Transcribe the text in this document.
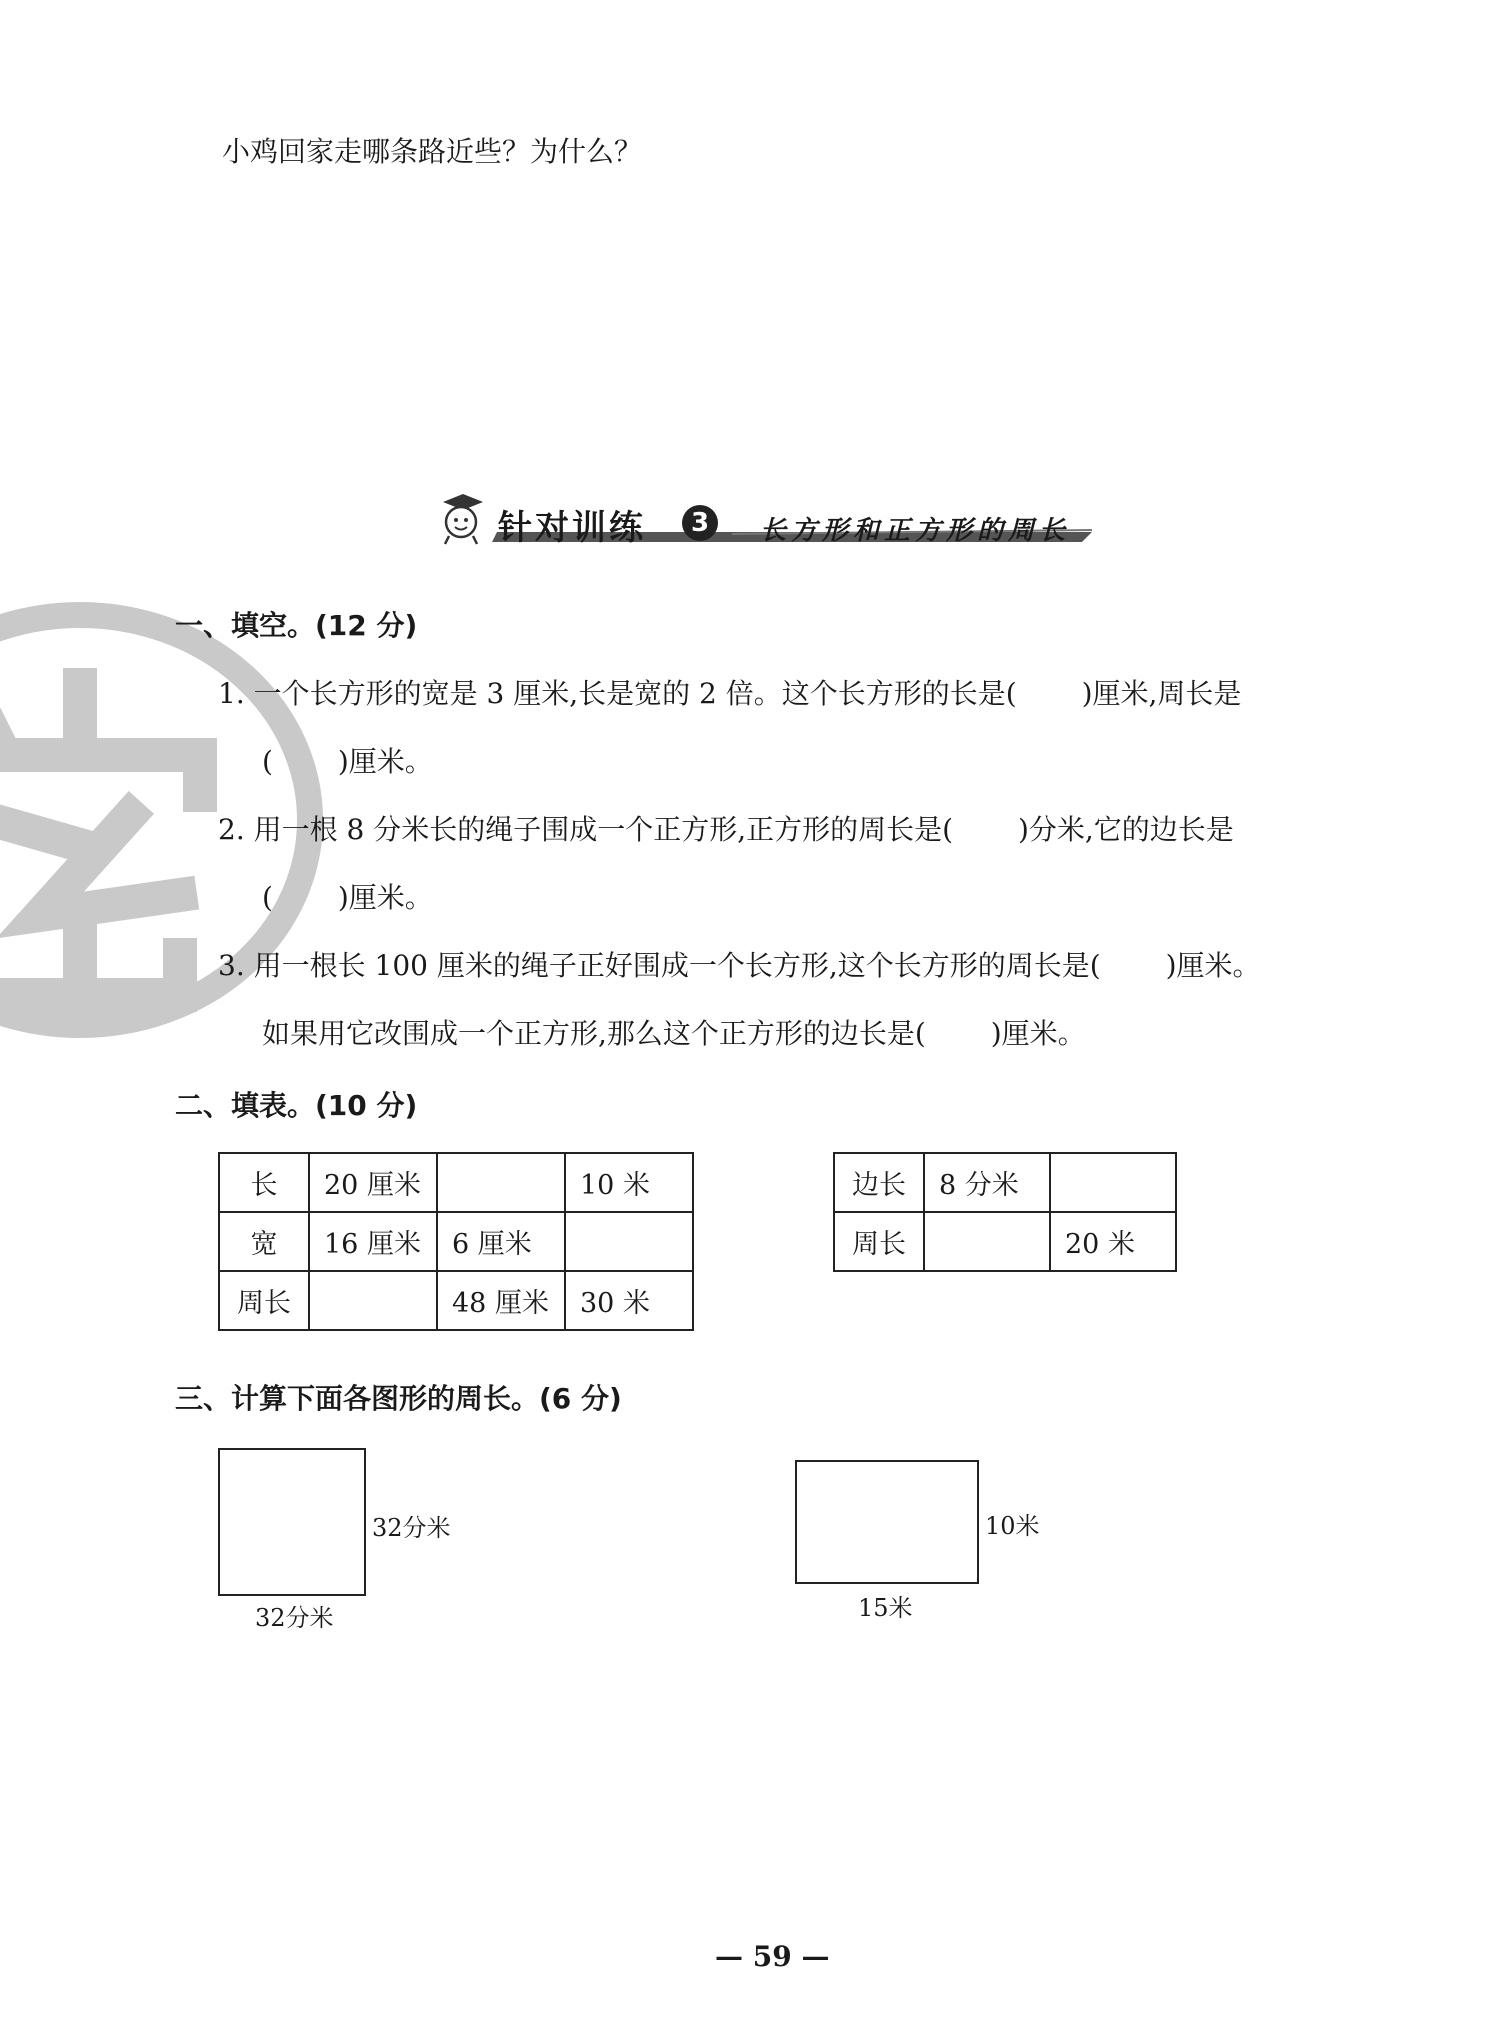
小鸡回家走哪条路近些？为什么？
针对训练	3	长方形和正方形的周长
一、填空。(12 分)
1. 一个长方形的宽是 3 厘米,长是宽的 2 倍。这个长方形的长是(　　 )厘米,周长是
(　　 )厘米。
2. 用一根 8 分米长的绳子围成一个正方形,正方形的周长是(　　 )分米,它的边长是
(　　 )厘米。
3. 用一根长 100 厘米的绳子正好围成一个长方形,这个长方形的周长是(　　 )厘米。
如果用它改围成一个正方形,那么这个正方形的边长是(　　 )厘米。
二、填表。(10 分)
长	20 厘米		10 米
宽	16 厘米	6 厘米	
周长		48 厘米	30 米
边长	8 分米	
周长		20 米
三、计算下面各图形的周长。(6 分)
32分米
32分米
10米
15米
— 59 —
